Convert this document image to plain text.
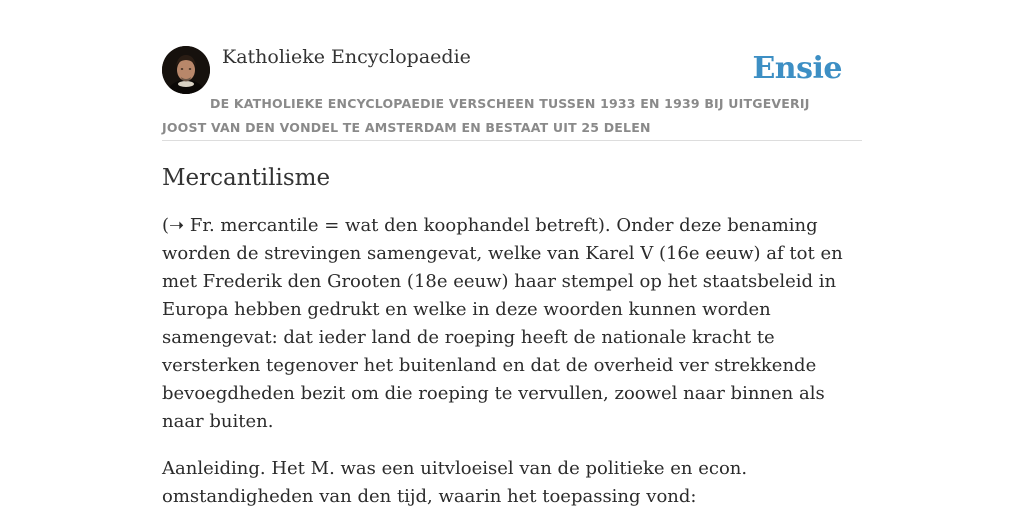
Katholieke Encyclopaedie	Ensie
DE KATHOLIEKE ENCYCLOPAEDIE VERSCHEEN TUSSEN 1933 EN 1939 BIJ UITGEVERIJ JOOST VAN DEN VONDEL TE AMSTERDAM EN BESTAAT UIT 25 DELEN
Mercantilisme

(➝ Fr. mercantile = wat den koophandel betreft). Onder deze benaming worden de strevingen samengevat, welke van Karel V (16e eeuw) af tot en met Frederik den Grooten (18e eeuw) haar stempel op het staatsbeleid in Europa hebben gedrukt en welke in deze woorden kunnen worden samengevat: dat ieder land de roeping heeft de nationale kracht te versterken tegenover het buitenland en dat de overheid ver strekkende bevoegdheden bezit om die roeping te vervullen, zoowel naar binnen als naar buiten.

Aanleiding. Het M. was een uitvloeisel van de politieke en econ. omstandigheden van den tijd, waarin het toepassing vond:
